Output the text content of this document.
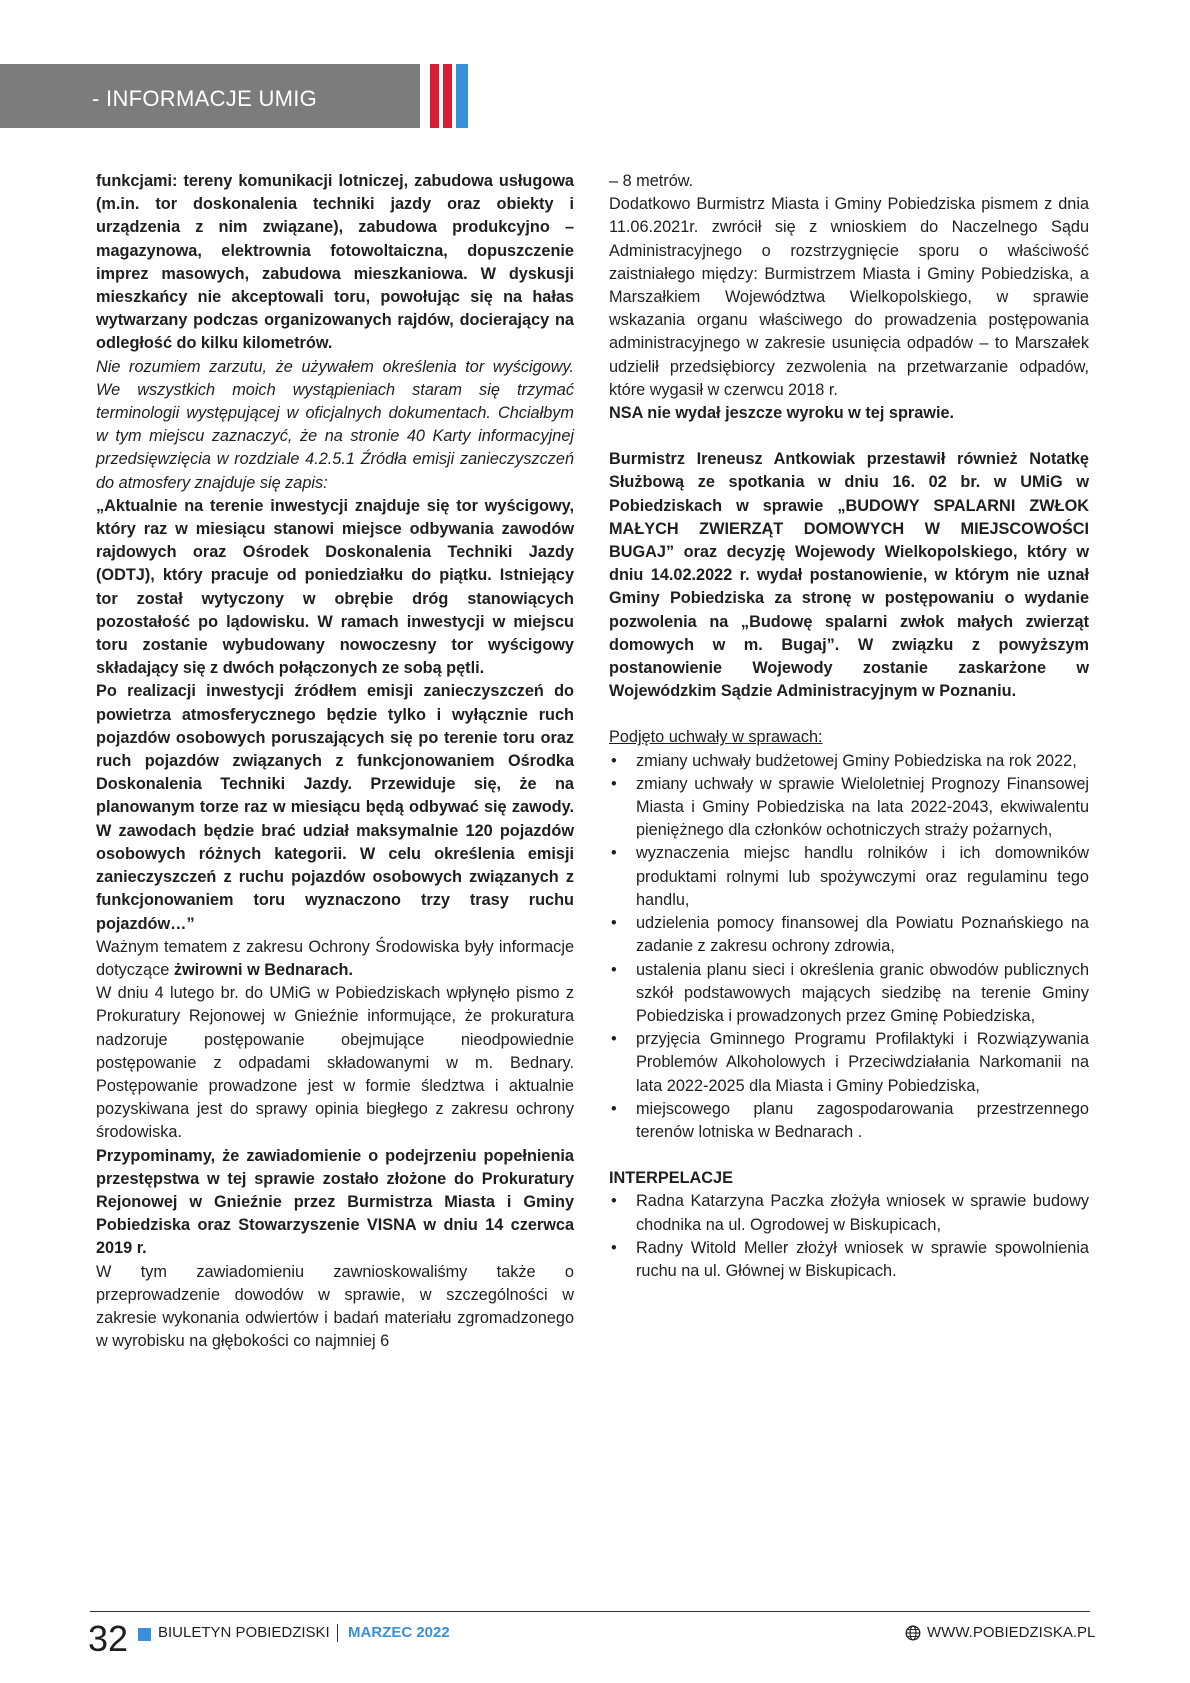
- INFORMACJE UMIG

funkcjami: tereny komunikacji lotniczej, zabudowa usługowa (m.in. tor doskonalenia techniki jazdy oraz obiekty i urządzenia z nim związane), zabudowa produkcyjno – magazynowa, elektrownia fotowoltaiczna, dopuszczenie imprez masowych, zabudowa mieszkaniowa. W dyskusji mieszkańcy nie akceptowali toru, powołując się na hałas wytwarzany podczas organizowanych rajdów, docierający na odległość do kilku kilometrów.

Nie rozumiem zarzutu, że używałem określenia tor wyścigowy. We wszystkich moich wystąpieniach staram się trzymać terminologii występującej w oficjalnych dokumentach. Chciałbym w tym miejscu zaznaczyć, że na stronie 40 Karty informacyjnej przedsięwzięcia w rozdziale 4.2.5.1 Źródła emisji zanieczyszczeń do atmosfery znajduje się zapis:

„Aktualnie na terenie inwestycji znajduje się tor wyścigowy, który raz w miesiącu stanowi miejsce odbywania zawodów rajdowych oraz Ośrodek Doskonalenia Techniki Jazdy (ODTJ), który pracuje od poniedziałku do piątku. Istniejący tor został wytyczony w obrębie dróg stanowiących pozostałość po lądowisku. W ramach inwestycji w miejscu toru zostanie wybudowany nowoczesny tor wyścigowy składający się z dwóch połączonych ze sobą pętli.

Po realizacji inwestycji źródłem emisji zanieczyszczeń do powietrza atmosferycznego będzie tylko i wyłącznie ruch pojazdów osobowych poruszających się po terenie toru oraz ruch pojazdów związanych z funkcjonowaniem Ośrodka Doskonalenia Techniki Jazdy. Przewiduje się, że na planowanym torze raz w miesiącu będą odbywać się zawody. W zawodach będzie brać udział maksymalnie 120 pojazdów osobowych różnych kategorii. W celu określenia emisji zanieczyszczeń z ruchu pojazdów osobowych związanych z funkcjonowaniem toru wyznaczono trzy trasy ruchu pojazdów…”

Ważnym tematem z zakresu Ochrony Środowiska były informacje dotyczące żwirowni w Bednarach.

W dniu 4 lutego br. do UMiG w Pobiedziskach wpłynęło pismo z Prokuratury Rejonowej w Gnieźnie informujące, że prokuratura nadzoruje postępowanie obejmujące nieodpowiednie postępowanie z odpadami składowanymi w m. Bednary. Postępowanie prowadzone jest w formie śledztwa i aktualnie pozyskiwana jest do sprawy opinia biegłego z zakresu ochrony środowiska.

Przypominamy, że zawiadomienie o podejrzeniu popełnienia przestępstwa w tej sprawie zostało złożone do Prokuratury Rejonowej w Gnieźnie przez Burmistrza Miasta i Gminy Pobiedziska oraz Stowarzyszenie VISNA w dniu 14 czerwca 2019 r.

W tym zawiadomieniu zawnioskowaliśmy także o przeprowadzenie dowodów w sprawie, w szczególności w zakresie wykonania odwiertów i badań materiału zgromadzonego w wyrobisku na głębokości co najmniej 6

– 8 metrów.

Dodatkowo Burmistrz Miasta i Gminy Pobiedziska pismem z dnia 11.06.2021r. zwrócił się z wnioskiem do Naczelnego Sądu Administracyjnego o rozstrzygnięcie sporu o właściwość zaistniałego między: Burmistrzem Miasta i Gminy Pobiedziska, a Marszałkiem Województwa Wielkopolskiego, w sprawie wskazania organu właściwego do prowadzenia postępowania administracyjnego w zakresie usunięcia odpadów – to Marszałek udzielił przedsiębiorcy zezwolenia na przetwarzanie odpadów, które wygasił w czerwcu 2018 r.

NSA nie wydał jeszcze wyroku w tej sprawie.

Burmistrz Ireneusz Antkowiak przestawił również Notatkę Służbową ze spotkania w dniu 16. 02 br. w UMiG w Pobiedziskach w sprawie „BUDOWY SPALARNI ZWŁOK MAŁYCH ZWIERZĄT DOMOWYCH W MIEJSCOWOŚCI BUGAJ” oraz decyzję Wojewody Wielkopolskiego, który w dniu 14.02.2022 r. wydał postanowienie, w którym nie uznał Gminy Pobiedziska za stronę w postępowaniu o wydanie pozwolenia na „Budowę spalarni zwłok małych zwierząt domowych w m. Bugaj”. W związku z powyższym postanowienie Wojewody zostanie zaskarżone w Wojewódzkim Sądzie Administracyjnym w Poznaniu.

Podjęto uchwały w sprawach:

• zmiany uchwały budżetowej Gminy Pobiedziska na rok 2022,
• zmiany uchwały w sprawie Wieloletniej Prognozy Finansowej Miasta i Gminy Pobiedziska na lata 2022-2043, ekwiwalentu pieniężnego dla członków ochotniczych straży pożarnych,
• wyznaczenia miejsc handlu rolników i ich domowników produktami rolnymi lub spożywczymi oraz regulaminu tego handlu,
• udzielenia pomocy finansowej dla Powiatu Poznańskiego na zadanie z zakresu ochrony zdrowia,
• ustalenia planu sieci i określenia granic obwodów publicznych szkół podstawowych mających siedzibę na terenie Gminy Pobiedziska i prowadzonych przez Gminę Pobiedziska,
• przyjęcia Gminnego Programu Profilaktyki i Rozwiązywania Problemów Alkoholowych i Przeciwdziałania Narkomanii na lata 2022-2025 dla Miasta i Gminy Pobiedziska,
• miejscowego planu zagospodarowania przestrzennego terenów lotniska w Bednarach .

INTERPELACJE

• Radna Katarzyna Paczka złożyła wniosek w sprawie budowy chodnika na ul. Ogrodowej w Biskupicach,
• Radny Witold Meller złożył wniosek w sprawie spowolnienia ruchu na ul. Głównej w Biskupicach.
32 BIULETYN POBIEDZISKI MARZEC 2022	WWW.POBIEDZISKA.PL
